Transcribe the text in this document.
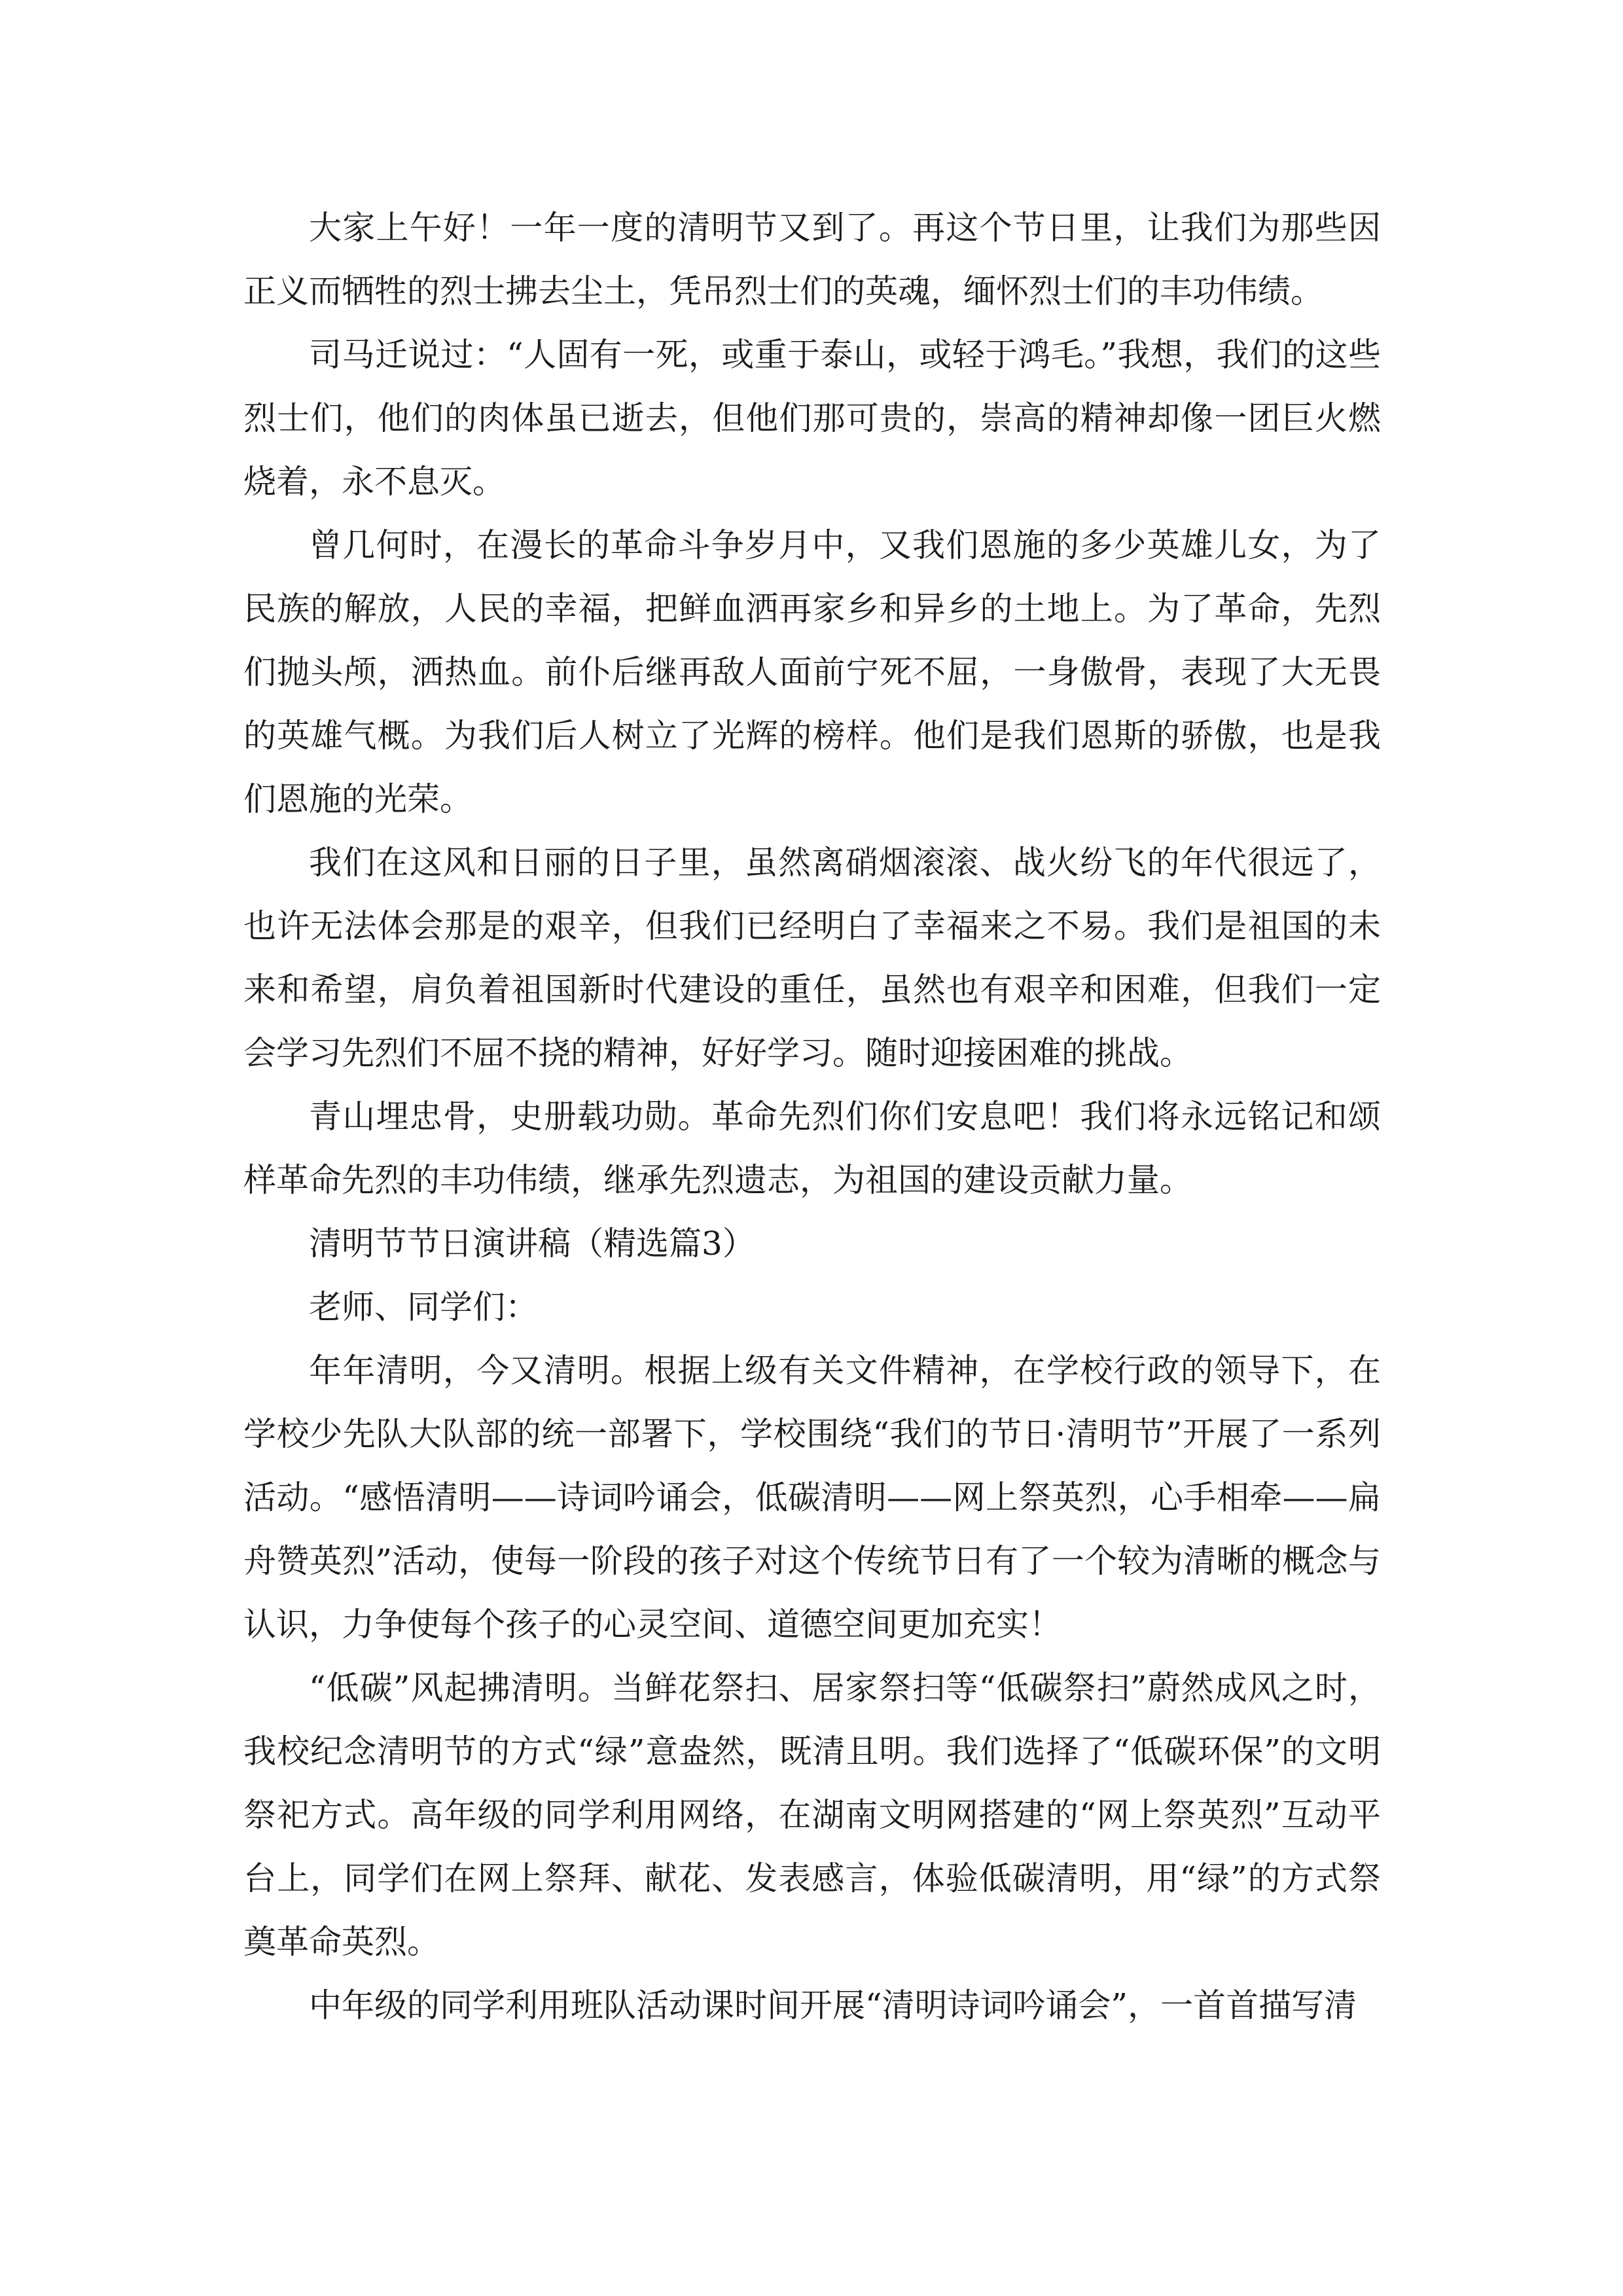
大家上午好！一年一度的清明节又到了。再这个节日里，让我们为那些因正义而牺牲的烈士拂去尘土，凭吊烈士们的英魂，缅怀烈士们的丰功伟绩。

司马迁说过：“人固有一死，或重于泰山，或轻于鸿毛。”我想，我们的这些烈士们，他们的肉体虽已逝去，但他们那可贵的，崇高的精神却像一团巨火燃烧着，永不息灭。

曾几何时，在漫长的革命斗争岁月中，又我们恩施的多少英雄儿女，为了民族的解放，人民的幸福，把鲜血洒再家乡和异乡的土地上。为了革命，先烈们抛头颅，洒热血。前仆后继再敌人面前宁死不屈，一身傲骨，表现了大无畏的英雄气概。为我们后人树立了光辉的榜样。他们是我们恩斯的骄傲，也是我们恩施的光荣。

我们在这风和日丽的日子里，虽然离硝烟滚滚、战火纷飞的年代很远了，也许无法体会那是的艰辛，但我们已经明白了幸福来之不易。我们是祖国的未来和希望，肩负着祖国新时代建设的重任，虽然也有艰辛和困难，但我们一定会学习先烈们不屈不挠的精神，好好学习。随时迎接困难的挑战。

青山埋忠骨，史册载功勋。革命先烈们你们安息吧！我们将永远铭记和颂样革命先烈的丰功伟绩，继承先烈遗志，为祖国的建设贡献力量。

清明节节日演讲稿（精选篇3）

老师、同学们：

年年清明，今又清明。根据上级有关文件精神，在学校行政的领导下，在学校少先队大队部的统一部署下，学校围绕“我们的节日·清明节”开展了一系列活动。“感悟清明——诗词吟诵会，低碳清明——网上祭英烈，心手相牵——扁舟赞英烈”活动，使每一阶段的孩子对这个传统节日有了一个较为清晰的概念与认识，力争使每个孩子的心灵空间、道德空间更加充实！

“低碳”风起拂清明。当鲜花祭扫、居家祭扫等“低碳祭扫”蔚然成风之时，我校纪念清明节的方式“绿”意盎然，既清且明。我们选择了“低碳环保”的文明祭祀方式。高年级的同学利用网络，在湖南文明网搭建的“网上祭英烈”互动平台上，同学们在网上祭拜、献花、发表感言，体验低碳清明，用“绿”的方式祭奠革命英烈。

中年级的同学利用班队活动课时间开展“清明诗词吟诵会”，一首首描写清
